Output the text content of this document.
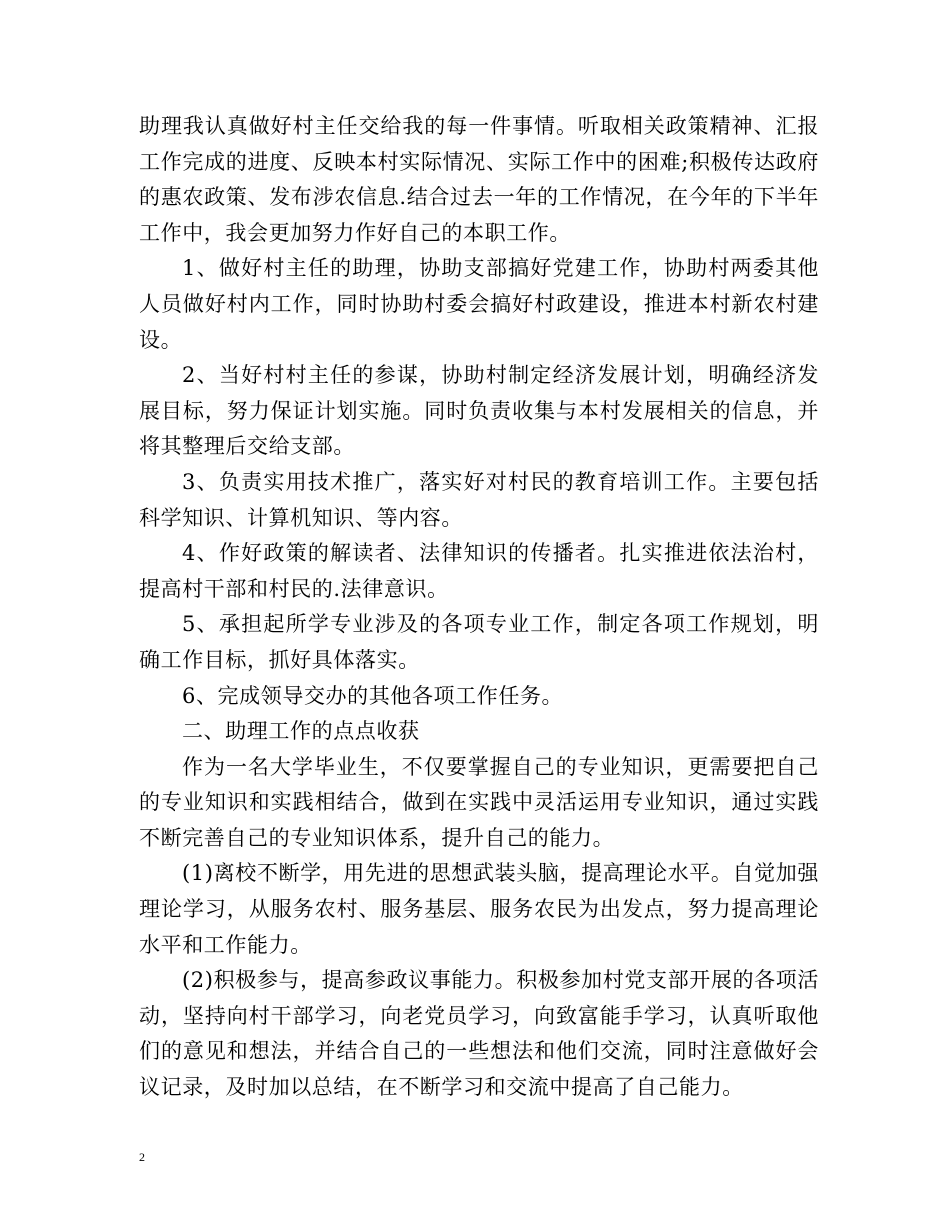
助理我认真做好村主任交给我的每一件事情。听取相关政策精神、汇报工作完成的进度、反映本村实际情况、实际工作中的困难;积极传达政府的惠农政策、发布涉农信息.结合过去一年的工作情况，在今年的下半年工作中，我会更加努力作好自己的本职工作。

1、做好村主任的助理，协助支部搞好党建工作，协助村两委其他人员做好村内工作，同时协助村委会搞好村政建设，推进本村新农村建设。

2、当好村村主任的参谋，协助村制定经济发展计划，明确经济发展目标，努力保证计划实施。同时负责收集与本村发展相关的信息，并将其整理后交给支部。

3、负责实用技术推广，落实好对村民的教育培训工作。主要包括科学知识、计算机知识、等内容。

4、作好政策的解读者、法律知识的传播者。扎实推进依法治村，提高村干部和村民的.法律意识。

5、承担起所学专业涉及的各项专业工作，制定各项工作规划，明确工作目标，抓好具体落实。

6、完成领导交办的其他各项工作任务。

二、助理工作的点点收获

作为一名大学毕业生，不仅要掌握自己的专业知识，更需要把自己的专业知识和实践相结合，做到在实践中灵活运用专业知识，通过实践不断完善自己的专业知识体系，提升自己的能力。

(1)离校不断学，用先进的思想武装头脑，提高理论水平。自觉加强理论学习，从服务农村、服务基层、服务农民为出发点，努力提高理论水平和工作能力。

(2)积极参与，提高参政议事能力。积极参加村党支部开展的各项活动，坚持向村干部学习，向老党员学习，向致富能手学习，认真听取他们的意见和想法，并结合自己的一些想法和他们交流，同时注意做好会议记录，及时加以总结，在不断学习和交流中提高了自己能力。

2
